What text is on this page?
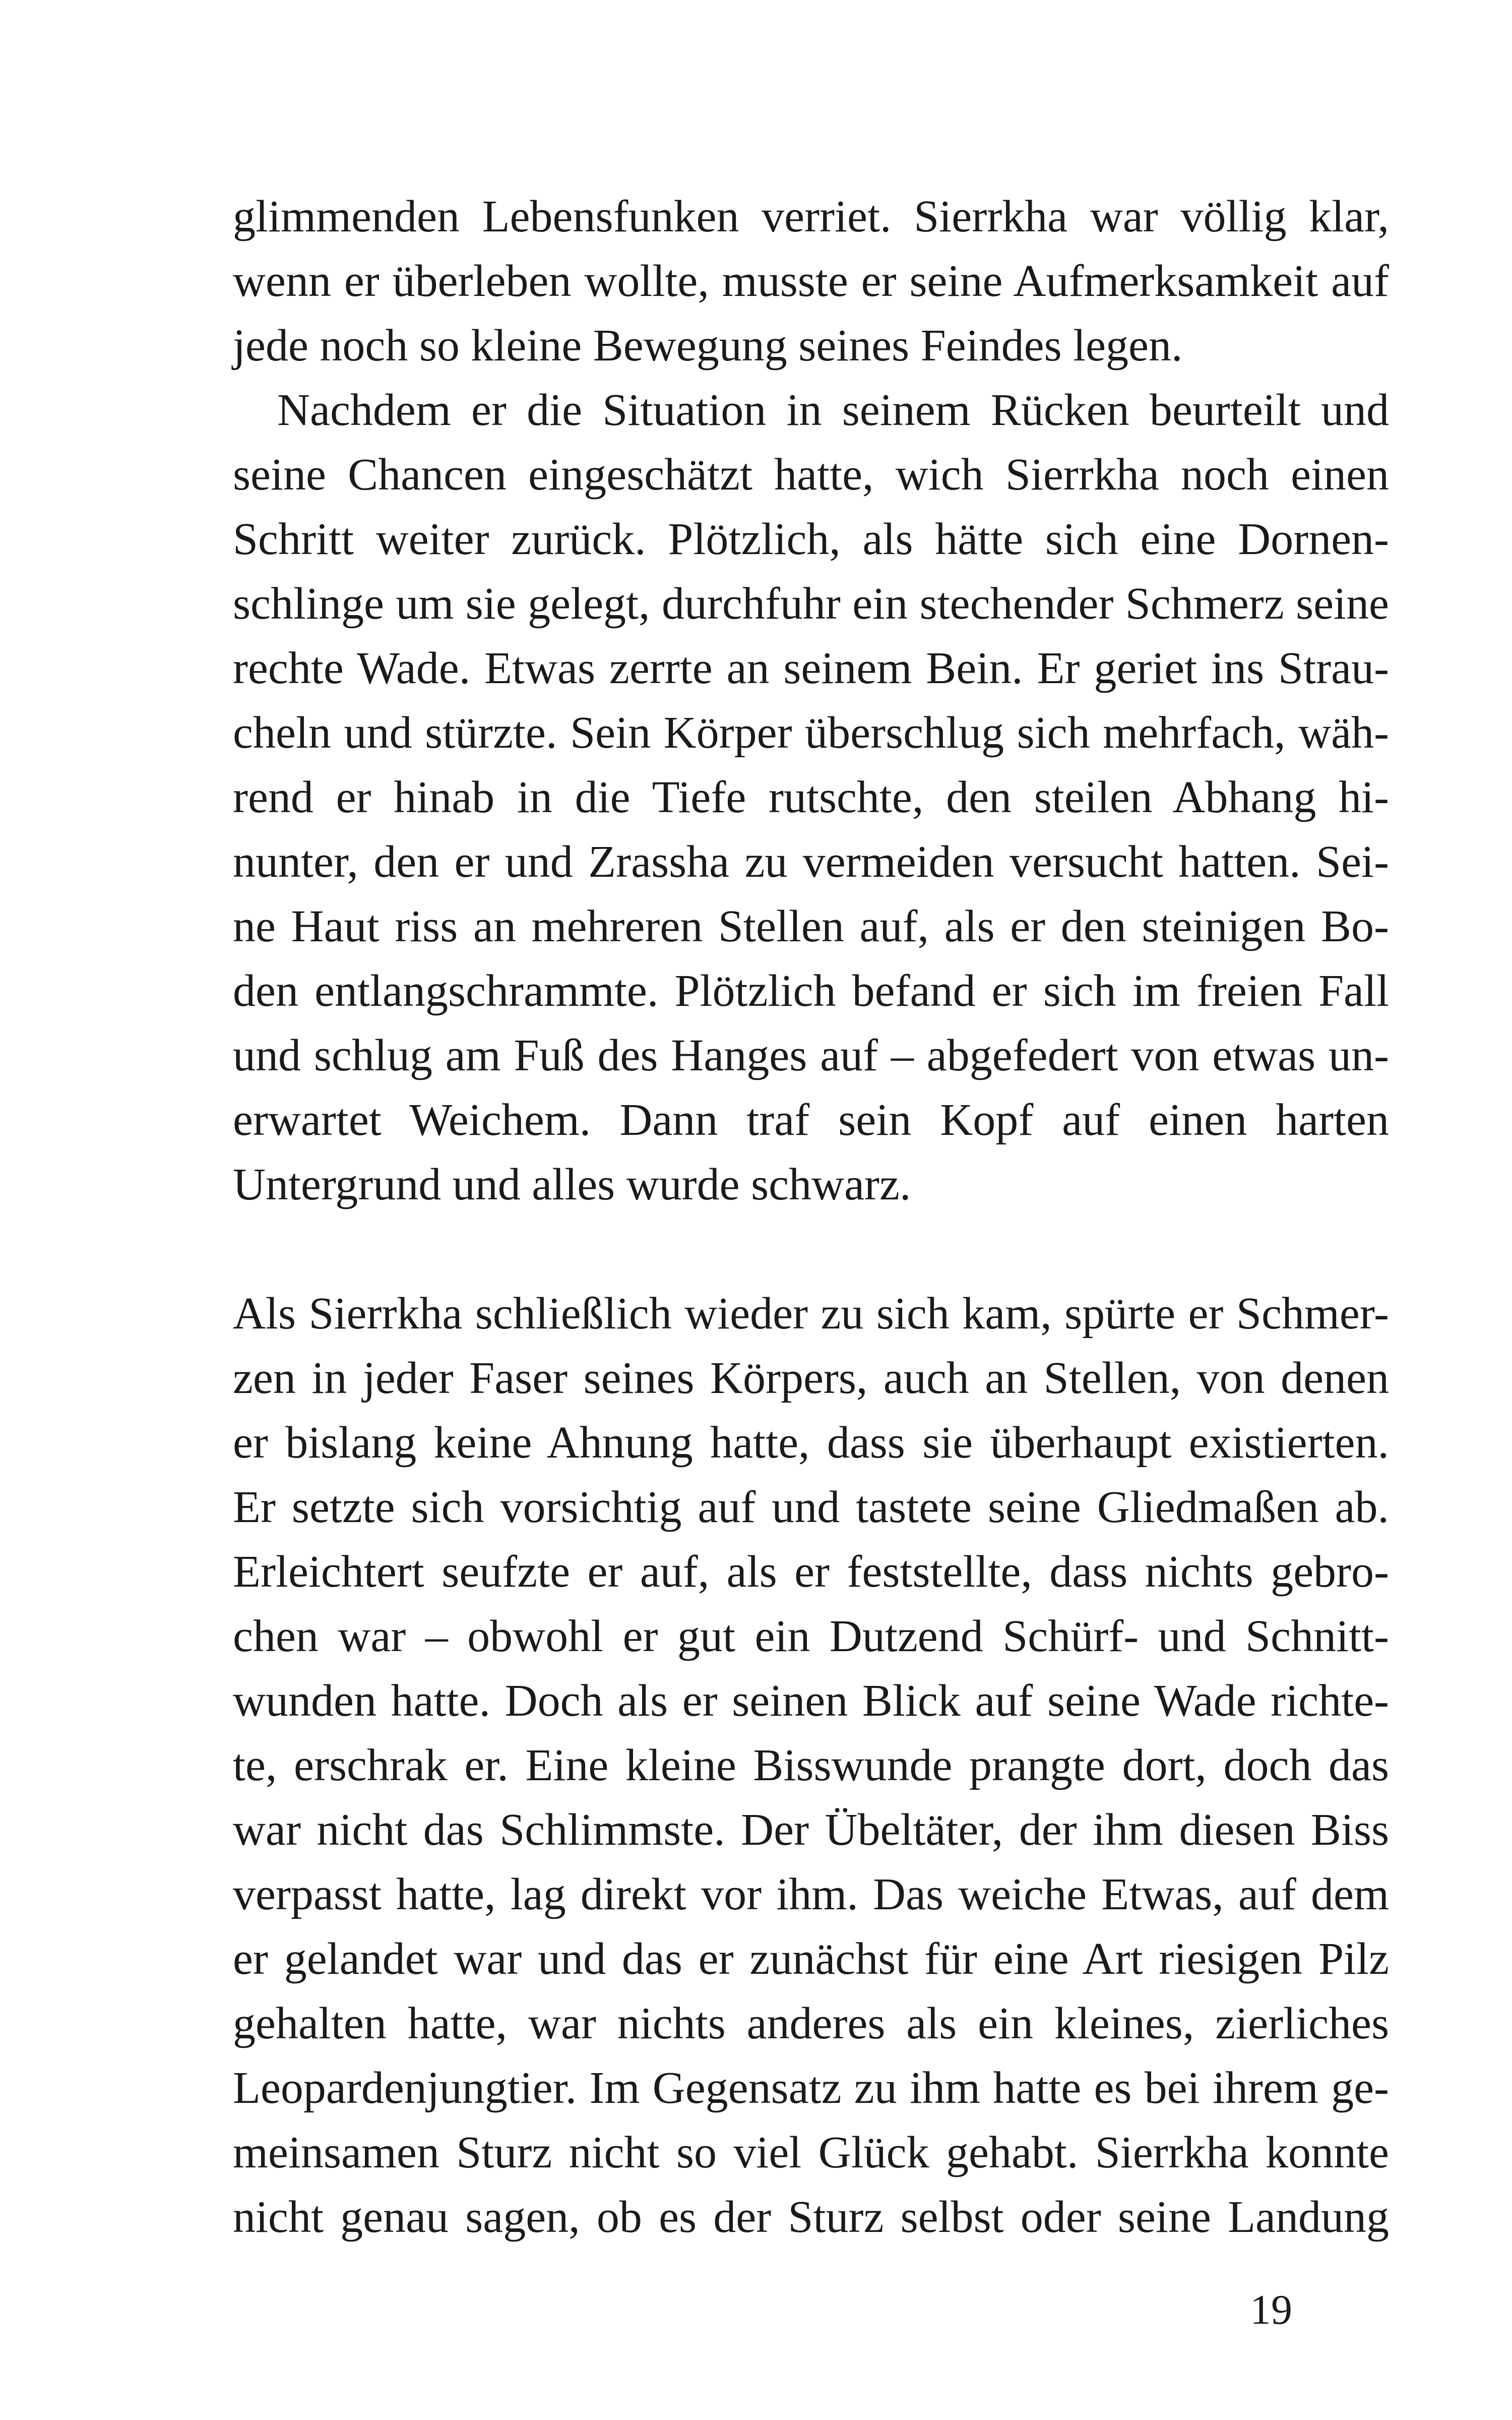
glimmenden Lebensfunken verriet. Sierrkha war völlig klar,
wenn er überleben wollte, musste er seine Aufmerksamkeit auf
jede noch so kleine Bewegung seines Feindes legen.
Nachdem er die Situation in seinem Rücken beurteilt und
seine Chancen eingeschätzt hatte, wich Sierrkha noch einen
Schritt weiter zurück. Plötzlich, als hätte sich eine Dornen-
schlinge um sie gelegt, durchfuhr ein stechender Schmerz seine
rechte Wade. Etwas zerrte an seinem Bein. Er geriet ins Strau-
cheln und stürzte. Sein Körper überschlug sich mehrfach, wäh-
rend er hinab in die Tiefe rutschte, den steilen Abhang hi-
nunter, den er und Zrassha zu vermeiden versucht hatten. Sei-
ne Haut riss an mehreren Stellen auf, als er den steinigen Bo-
den entlangschrammte. Plötzlich befand er sich im freien Fall
und schlug am Fuß des Hanges auf – abgefedert von etwas un-
erwartet Weichem. Dann traf sein Kopf auf einen harten
Untergrund und alles wurde schwarz.
Als Sierrkha schließlich wieder zu sich kam, spürte er Schmer-
zen in jeder Faser seines Körpers, auch an Stellen, von denen
er bislang keine Ahnung hatte, dass sie überhaupt existierten.
Er setzte sich vorsichtig auf und tastete seine Gliedmaßen ab.
Erleichtert seufzte er auf, als er feststellte, dass nichts gebro-
chen war – obwohl er gut ein Dutzend Schürf- und Schnitt-
wunden hatte. Doch als er seinen Blick auf seine Wade richte-
te, erschrak er. Eine kleine Bisswunde prangte dort, doch das
war nicht das Schlimmste. Der Übeltäter, der ihm diesen Biss
verpasst hatte, lag direkt vor ihm. Das weiche Etwas, auf dem
er gelandet war und das er zunächst für eine Art riesigen Pilz
gehalten hatte, war nichts anderes als ein kleines, zierliches
Leopardenjungtier. Im Gegensatz zu ihm hatte es bei ihrem ge-
meinsamen Sturz nicht so viel Glück gehabt. Sierrkha konnte
nicht genau sagen, ob es der Sturz selbst oder seine Landung
19
